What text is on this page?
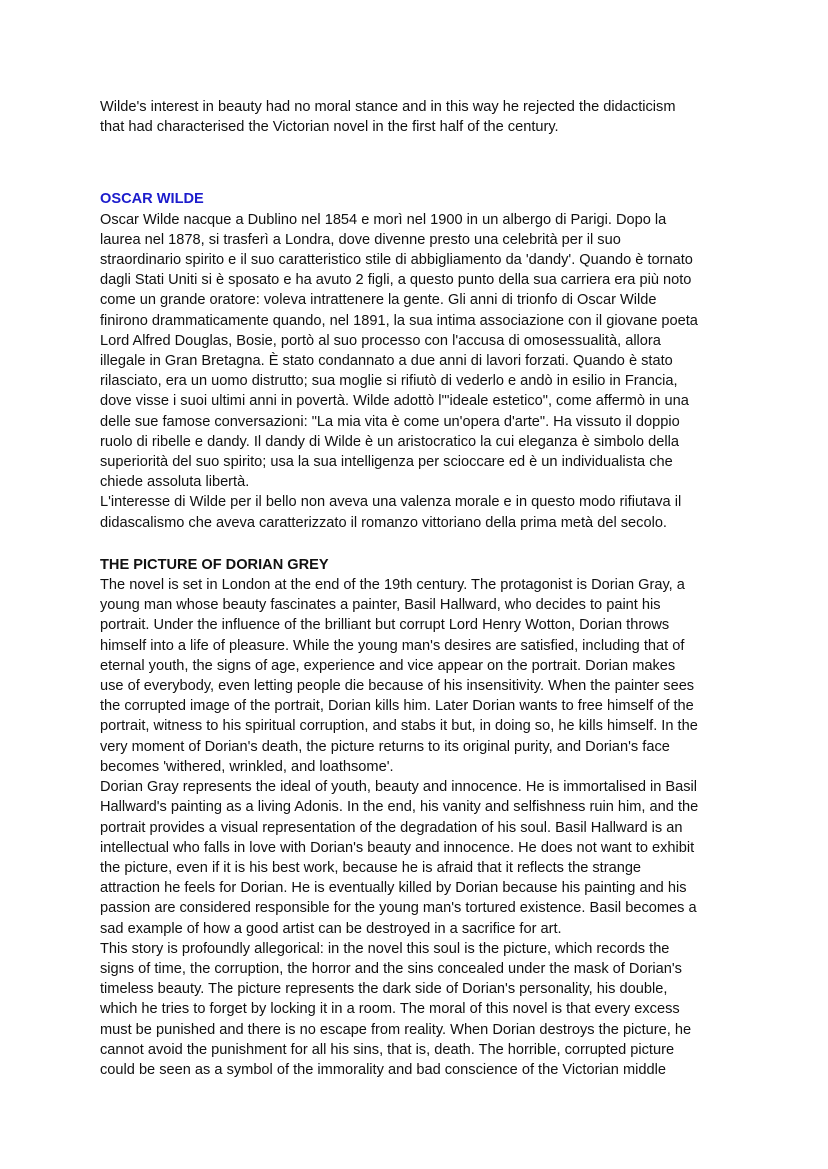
Wilde's interest in beauty had no moral stance and in this way he rejected the didacticism
that had characterised the Victorian novel in the first half of the century.

OSCAR WILDE

Oscar Wilde nacque a Dublino nel 1854 e morì nel 1900 in un albergo di Parigi. Dopo la
laurea nel 1878, si trasferì a Londra, dove divenne presto una celebrità per il suo
straordinario spirito e il suo caratteristico stile di abbigliamento da 'dandy'. Quando è tornato
dagli Stati Uniti si è sposato e ha avuto 2 figli, a questo punto della sua carriera era più noto
come un grande oratore: voleva intrattenere la gente. Gli anni di trionfo di Oscar Wilde
finirono drammaticamente quando, nel 1891, la sua intima associazione con il giovane poeta
Lord Alfred Douglas, Bosie, portò al suo processo con l'accusa di omosessualità, allora
illegale in Gran Bretagna. È stato condannato a due anni di lavori forzati. Quando è stato
rilasciato, era un uomo distrutto; sua moglie si rifiutò di vederlo e andò in esilio in Francia,
dove visse i suoi ultimi anni in povertà. Wilde adottò l'"ideale estetico", come affermò in una
delle sue famose conversazioni: "La mia vita è come un'opera d'arte". Ha vissuto il doppio
ruolo di ribelle e dandy. Il dandy di Wilde è un aristocratico la cui eleganza è simbolo della
superiorità del suo spirito; usa la sua intelligenza per scioccare ed è un individualista che
chiede assoluta libertà.

L'interesse di Wilde per il bello non aveva una valenza morale e in questo modo rifiutava il
didascalismo che aveva caratterizzato il romanzo vittoriano della prima metà del secolo.

THE PICTURE OF DORIAN GREY

The novel is set in London at the end of the 19th century. The protagonist is Dorian Gray, a
young man whose beauty fascinates a painter, Basil Hallward, who decides to paint his
portrait. Under the influence of the brilliant but corrupt Lord Henry Wotton, Dorian throws
himself into a life of pleasure. While the young man's desires are satisfied, including that of
eternal youth, the signs of age, experience and vice appear on the portrait. Dorian makes
use of everybody, even letting people die because of his insensitivity. When the painter sees
the corrupted image of the portrait, Dorian kills him. Later Dorian wants to free himself of the
portrait, witness to his spiritual corruption, and stabs it but, in doing so, he kills himself. In the
very moment of Dorian's death, the picture returns to its original purity, and Dorian's face
becomes 'withered, wrinkled, and loathsome'.

Dorian Gray represents the ideal of youth, beauty and innocence. He is immortalised in Basil
Hallward's painting as a living Adonis. In the end, his vanity and selfishness ruin him, and the
portrait provides a visual representation of the degradation of his soul. Basil Hallward is an
intellectual who falls in love with Dorian's beauty and innocence. He does not want to exhibit
the picture, even if it is his best work, because he is afraid that it reflects the strange
attraction he feels for Dorian. He is eventually killed by Dorian because his painting and his
passion are considered responsible for the young man's tortured existence. Basil becomes a
sad example of how a good artist can be destroyed in a sacrifice for art.

This story is profoundly allegorical: in the novel this soul is the picture, which records the
signs of time, the corruption, the horror and the sins concealed under the mask of Dorian's
timeless beauty. The picture represents the dark side of Dorian's personality, his double,
which he tries to forget by locking it in a room. The moral of this novel is that every excess
must be punished and there is no escape from reality. When Dorian destroys the picture, he
cannot avoid the punishment for all his sins, that is, death. The horrible, corrupted picture
could be seen as a symbol of the immorality and bad conscience of the Victorian middle
